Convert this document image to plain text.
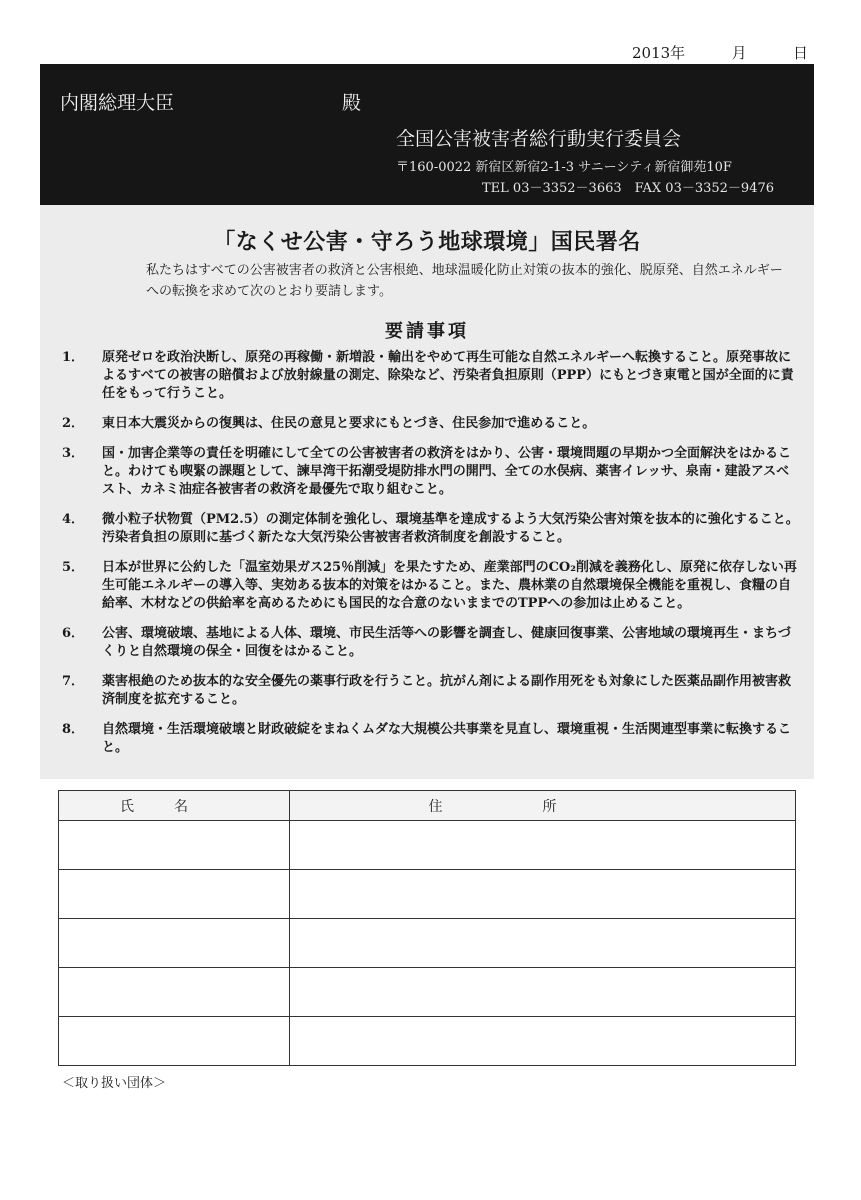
2013年	月	日
内閣総理大臣	殿
全国公害被害者総行動実行委員会
〒160-0022 新宿区新宿2-1-3 サニーシティ新宿御苑10F
TEL 03－3352－3663　FAX 03－3352－9476
「なくせ公害・守ろう地球環境」国民署名
私たちはすべての公害被害者の救済と公害根絶、地球温暖化防止対策の抜本的強化、脱原発、自然エネルギーへの転換を求めて次のとおり要請します。
要請事項
1．	原発ゼロを政治決断し、原発の再稼働・新増設・輸出をやめて再生可能な自然エネルギーへ転換すること。原発事故によるすべての被害の賠償および放射線量の測定、除染など、汚染者負担原則（PPP）にもとづき東電と国が全面的に責任をもって行うこと。
2．	東日本大震災からの復興は、住民の意見と要求にもとづき、住民参加で進めること。
3．	国・加害企業等の責任を明確にして全ての公害被害者の救済をはかり、公害・環境問題の早期かつ全面解決をはかること。わけても喫緊の課題として、諫早湾干拓潮受堤防排水門の開門、全ての水俣病、薬害イレッサ、泉南・建設アスベスト、カネミ油症各被害者の救済を最優先で取り組むこと。
4．	微小粒子状物質（PM2.5）の測定体制を強化し、環境基準を達成するよう大気汚染公害対策を抜本的に強化すること。汚染者負担の原則に基づく新たな大気汚染公害被害者救済制度を創設すること。
5．	日本が世界に公約した「温室効果ガス25％削減」を果たすため、産業部門のCO₂削減を義務化し、原発に依存しない再生可能エネルギーの導入等、実効ある抜本的対策をはかること。また、農林業の自然環境保全機能を重視し、食糧の自給率、木材などの供給率を高めるためにも国民的な合意のないままでのTPPへの参加は止めること。
6．	公害、環境破壊、基地による人体、環境、市民生活等への影響を調査し、健康回復事業、公害地域の環境再生・まちづくりと自然環境の保全・回復をはかること。
7．	薬害根絶のため抜本的な安全優先の薬事行政を行うこと。抗がん剤による副作用死をも対象にした医薬品副作用被害救済制度を拡充すること。
8．	自然環境・生活環境破壊と財政破綻をまねくムダな大規模公共事業を見直し、環境重視・生活関連型事業に転換すること。
氏名	住所

＜取り扱い団体＞
